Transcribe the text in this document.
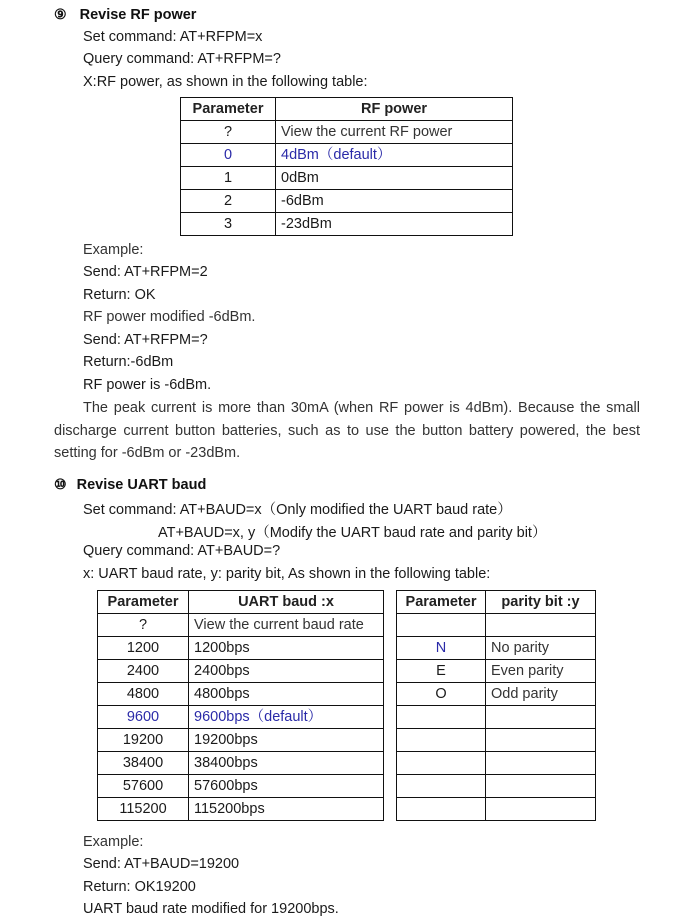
⑨ Revise RF power
Set command: AT+RFPM=x
Query command: AT+RFPM=?
X:RF power, as shown in the following table:
Parameter	RF power
?	View the current RF power
0	4dBm（default）
1	0dBm
2	-6dBm
3	-23dBm
Example:
Send: AT+RFPM=2
Return: OK
RF power modified -6dBm.
Send: AT+RFPM=?
Return:-6dBm
RF power is -6dBm.
The peak current is more than 30mA (when RF power is 4dBm). Because the small discharge current button batteries, such as to use the button battery powered, the best setting for -6dBm or -23dBm.
⑩ Revise UART baud
Set command: AT+BAUD=x（Only modified the UART baud rate）
AT+BAUD=x, y（Modify the UART baud rate and parity bit）
Query command: AT+BAUD=?
x: UART baud rate, y: parity bit, As shown in the following table:
Parameter	UART baud :x		Parameter	parity bit :y
?	View the current baud rate			
1200	1200bps		N	No parity
2400	2400bps		E	Even parity
4800	4800bps		O	Odd parity
9600	9600bps（default）			
19200	19200bps			
38400	38400bps			
57600	57600bps			
115200	115200bps			
Example:
Send: AT+BAUD=19200
Return: OK19200
UART baud rate modified for 19200bps.
